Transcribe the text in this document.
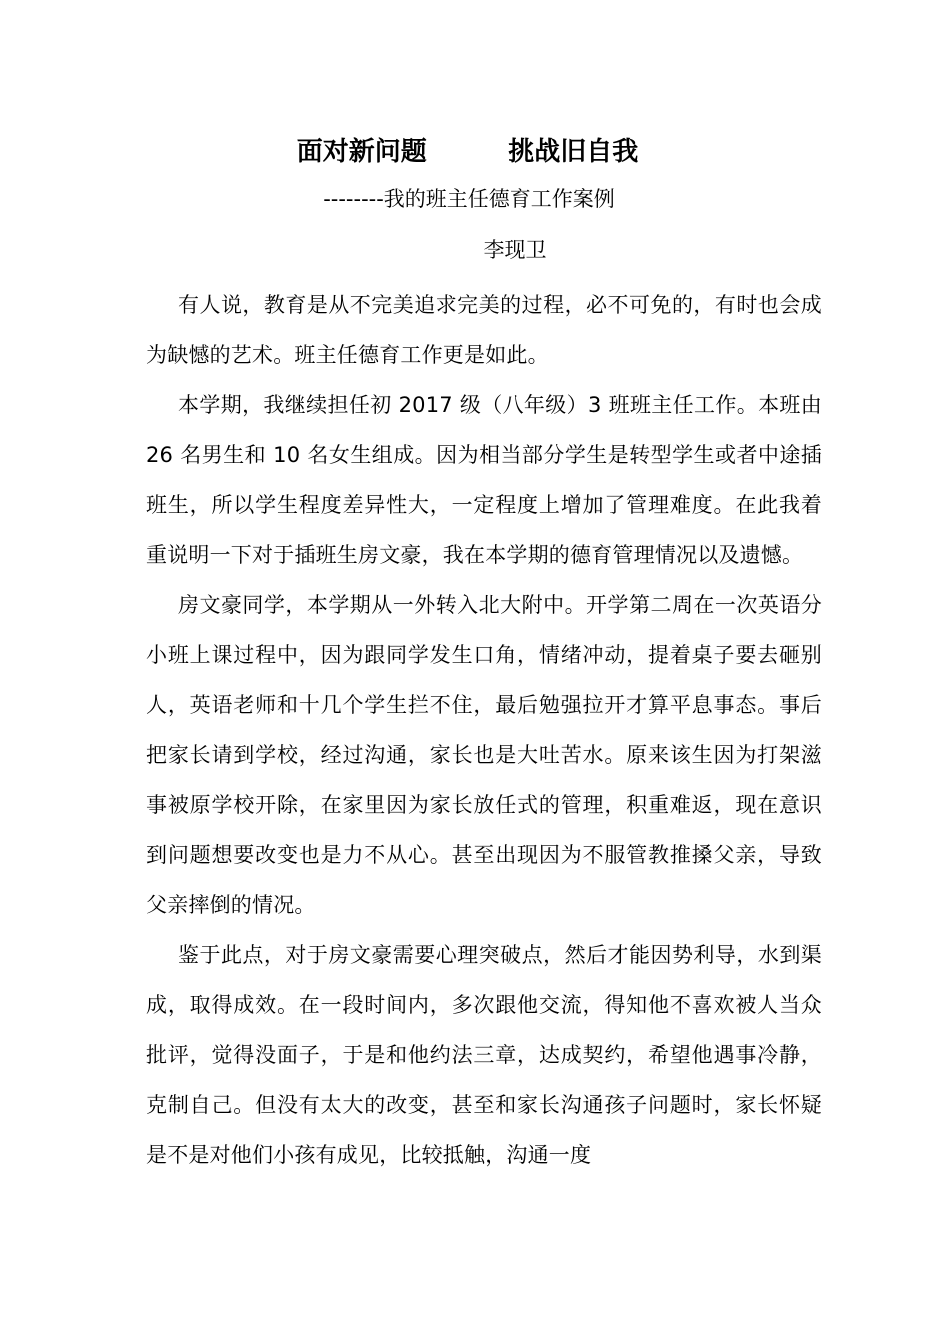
面对新问题         挑战旧自我
--------我的班主任德育工作案例
李现卫

有人说，教育是从不完美追求完美的过程，必不可免的，有时也会成为缺憾的艺术。班主任德育工作更是如此。

本学期，我继续担任初 2017 级（八年级）3 班班主任工作。本班由 26 名男生和 10 名女生组成。因为相当部分学生是转型学生或者中途插班生，所以学生程度差异性大，一定程度上增加了管理难度。在此我着重说明一下对于插班生房文豪，我在本学期的德育管理情况以及遗憾。

房文豪同学，本学期从一外转入北大附中。开学第二周在一次英语分小班上课过程中，因为跟同学发生口角，情绪冲动，提着桌子要去砸别人，英语老师和十几个学生拦不住，最后勉强拉开才算平息事态。事后把家长请到学校，经过沟通，家长也是大吐苦水。原来该生因为打架滋事被原学校开除，在家里因为家长放任式的管理，积重难返，现在意识到问题想要改变也是力不从心。甚至出现因为不服管教推搡父亲，导致父亲摔倒的情况。

鉴于此点，对于房文豪需要心理突破点，然后才能因势利导，水到渠成，取得成效。在一段时间内，多次跟他交流，得知他不喜欢被人当众批评，觉得没面子，于是和他约法三章，达成契约，希望他遇事冷静，克制自己。但没有太大的改变，甚至和家长沟通孩子问题时，家长怀疑是不是对他们小孩有成见，比较抵触，沟通一度
